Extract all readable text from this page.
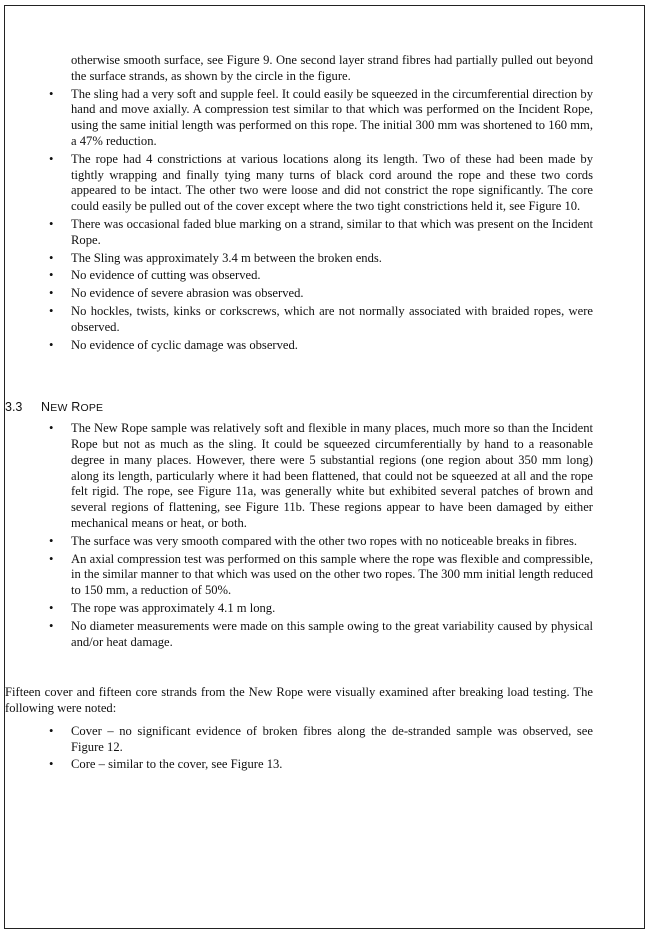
otherwise smooth surface, see Figure 9. One second layer strand fibres had partially pulled out beyond the surface strands, as shown by the circle in the figure.

• The sling had a very soft and supple feel. It could easily be squeezed in the circumferential direction by hand and move axially. A compression test similar to that which was performed on the Incident Rope, using the same initial length was performed on this rope. The initial 300 mm was shortened to 160 mm, a 47% reduction.
• The rope had 4 constrictions at various locations along its length. Two of these had been made by tightly wrapping and finally tying many turns of black cord around the rope and these two cords appeared to be intact. The other two were loose and did not constrict the rope significantly. The core could easily be pulled out of the cover except where the two tight constrictions held it, see Figure 10.
• There was occasional faded blue marking on a strand, similar to that which was present on the Incident Rope.
• The Sling was approximately 3.4 m between the broken ends.
• No evidence of cutting was observed.
• No evidence of severe abrasion was observed.
• No hockles, twists, kinks or corkscrews, which are not normally associated with braided ropes, were observed.
• No evidence of cyclic damage was observed.
3.3	NEW ROPE
• The New Rope sample was relatively soft and flexible in many places, much more so than the Incident Rope but not as much as the sling. It could be squeezed circumferentially by hand to a reasonable degree in many places. However, there were 5 substantial regions (one region about 350 mm long) along its length, particularly where it had been flattened, that could not be squeezed at all and the rope felt rigid. The rope, see Figure 11a, was generally white but exhibited several patches of brown and several regions of flattening, see Figure 11b. These regions appear to have been damaged by either mechanical means or heat, or both.
• The surface was very smooth compared with the other two ropes with no noticeable breaks in fibres.
• An axial compression test was performed on this sample where the rope was flexible and compressible, in the similar manner to that which was used on the other two ropes. The 300 mm initial length reduced to 150 mm, a reduction of 50%.
• The rope was approximately 4.1 m long.
• No diameter measurements were made on this sample owing to the great variability caused by physical and/or heat damage.

Fifteen cover and fifteen core strands from the New Rope were visually examined after breaking load testing. The following were noted:

• Cover – no significant evidence of broken fibres along the de-stranded sample was observed, see Figure 12.
• Core – similar to the cover, see Figure 13.
